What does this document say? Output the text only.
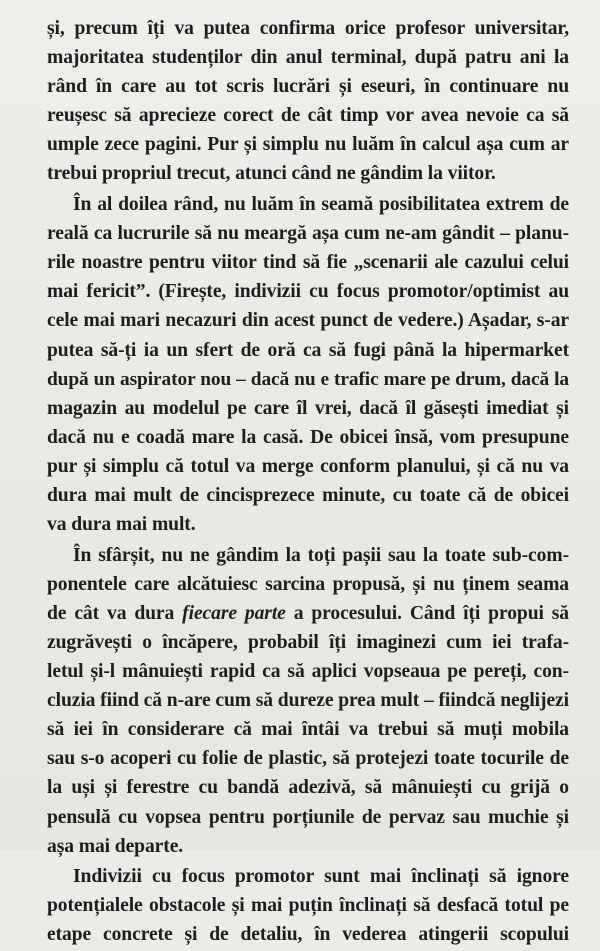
și, precum îți va putea confirma orice profesor universitar,
majoritatea studenților din anul terminal, după patru ani la
rând în care au tot scris lucrări și eseuri, în continuare nu
reușesc să aprecieze corect de cât timp vor avea nevoie ca să
umple zece pagini. Pur și simplu nu luăm în calcul așa cum ar
trebui propriul trecut, atunci când ne gândim la viitor.

În al doilea rând, nu luăm în seamă posibilitatea extrem de
reală ca lucrurile să nu meargă așa cum ne-am gândit – planu-
rile noastre pentru viitor tind să fie „scenarii ale cazului celui
mai fericit”. (Firește, indivizii cu focus promotor/optimist au
cele mai mari necazuri din acest punct de vedere.) Așadar, s-ar
putea să-ți ia un sfert de oră ca să fugi până la hipermarket
după un aspirator nou – dacă nu e trafic mare pe drum, dacă la
magazin au modelul pe care îl vrei, dacă îl găsești imediat și
dacă nu e coadă mare la casă. De obicei însă, vom presupune
pur și simplu că totul va merge conform planului, și că nu va
dura mai mult de cincisprezece minute, cu toate că de obicei
va dura mai mult.

În sfârșit, nu ne gândim la toți pașii sau la toate sub-com-
ponentele care alcătuiesc sarcina propusă, și nu ținem seama
de cât va dura fiecare parte a procesului. Când îți propui să
zugrăvești o încăpere, probabil îți imaginezi cum iei trafa-
letul și-l mânuiești rapid ca să aplici vopseaua pe pereți, con-
cluzia fiind că n-are cum să dureze prea mult – fiindcă neglijezi
să iei în considerare că mai întâi va trebui să muți mobila
sau s-o acoperi cu folie de plastic, să protejezi toate tocurile de
la uși și ferestre cu bandă adezivă, să mânuiești cu grijă o
pensulă cu vopsea pentru porțiunile de pervaz sau muchie și
așa mai departe.

Indivizii cu focus promotor sunt mai înclinați să ignore
potențialele obstacole și mai puțin înclinați să desfacă totul pe
etape concrete și de detaliu, în vederea atingerii scopului
